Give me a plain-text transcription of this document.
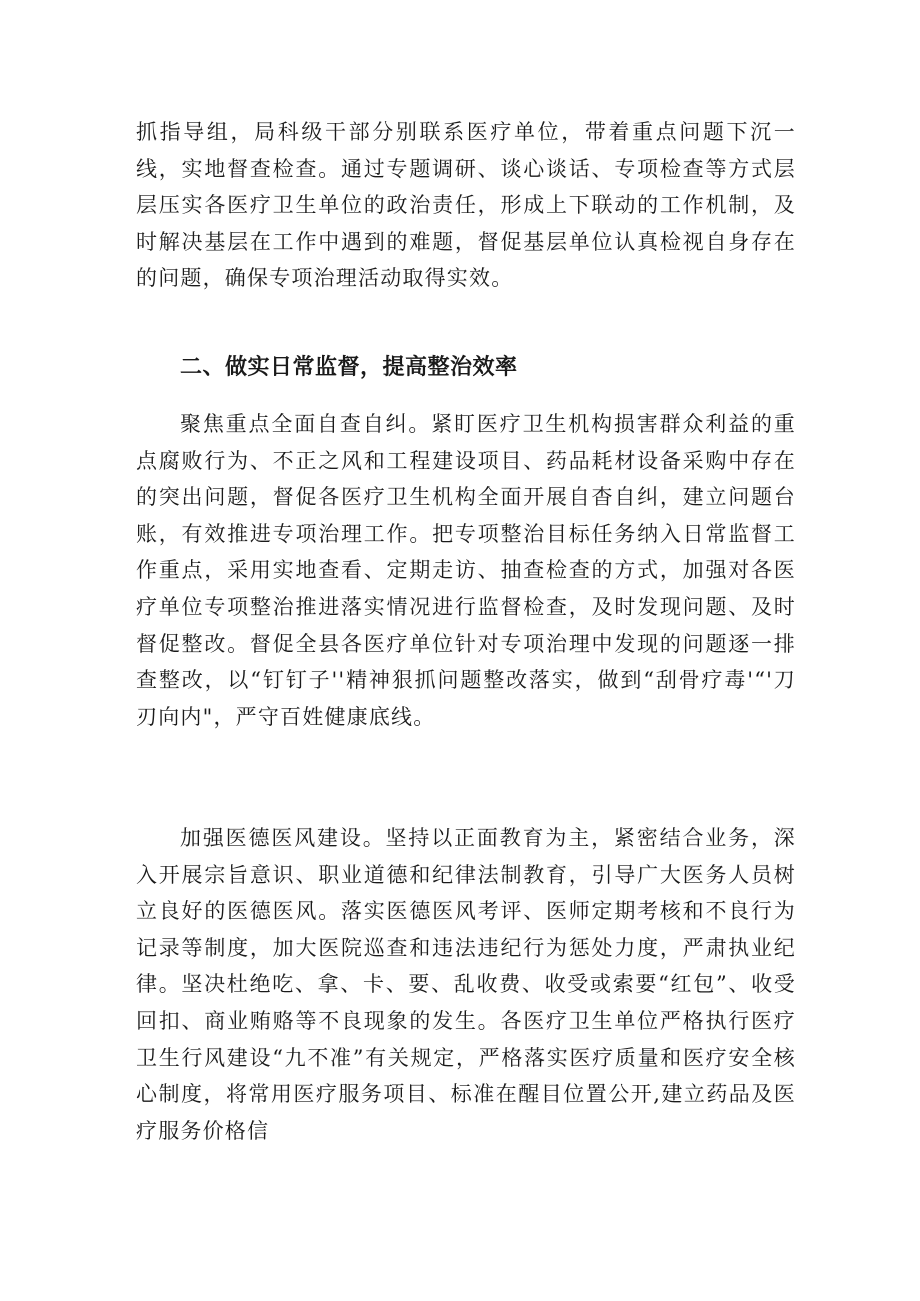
抓指导组，局科级干部分别联系医疗单位，带着重点问题下沉一线，实地督查检查。通过专题调研、谈心谈话、专项检查等方式层层压实各医疗卫生单位的政治责任，形成上下联动的工作机制，及时解决基层在工作中遇到的难题，督促基层单位认真检视自身存在的问题，确保专项治理活动取得实效。

二、做实日常监督，提高整治效率

聚焦重点全面自查自纠。紧盯医疗卫生机构损害群众利益的重点腐败行为、不正之风和工程建设项目、药品耗材设备采购中存在的突出问题，督促各医疗卫生机构全面开展自杳自纠，建立问题台账，有效推进专项治理工作。把专项整治目标任务纳入日常监督工作重点，采用实地查看、定期走访、抽查检查的方式，加强对各医疗单位专项整治推进落实情况进行监督检查，及时发现问题、及时督促整改。督促全县各医疗单位针对专项治理中发现的问题逐一排查整改，以“钉钉子''精神狠抓问题整改落实，做到“刮骨疗毒'“'刀刃向内"，严守百姓健康底线。

加强医德医风建设。坚持以正面教育为主，紧密结合业务，深入开展宗旨意识、职业道德和纪律法制教育，引导广大医务人员树立良好的医德医风。落实医德医风考评、医师定期考核和不良行为记录等制度，加大医院巡查和违法违纪行为惩处力度，严肃执业纪律。坚决杜绝吃、拿、卡、要、乱收费、收受或索要“红包”、收受回扣、商业贿赂等不良现象的发生。各医疗卫生单位严格执行医疗卫生行风建设“九不准”有关规定，严格落实医疗质量和医疗安全核心制度，将常用医疗服务项目、标准在醒目位置公开,建立药品及医疗服务价格信
